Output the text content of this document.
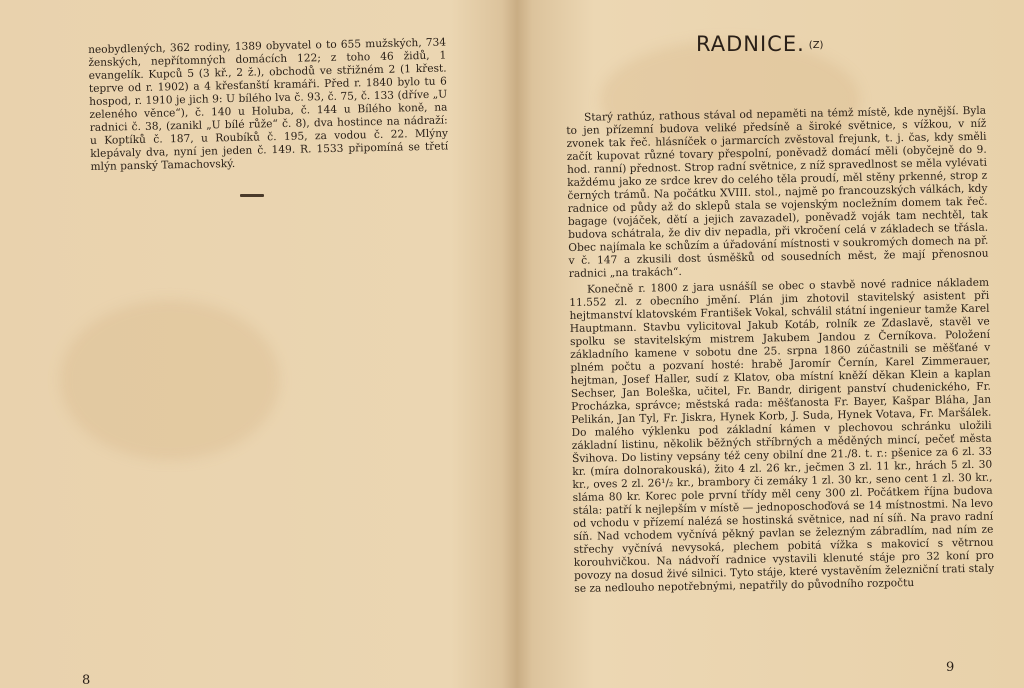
neobydlených, 362 rodiny, 1389 obyvatel o to 655 mužských, 734 ženských, nepřítomných domácích 122; z toho 46 židů, 1 evangelík. Kupců 5 (3 kř., 2 ž.), obchodů ve střižném 2 (1 křest. teprve od r. 1902) a 4 křesťanští kramáři. Před r. 1840 bylo tu 6 hospod, r. 1910 je jich 9: U bílého lva č. 93, č. 75, č. 133 (dříve „U zeleného věnce“), č. 140 u Holuba, č. 144 u Bílého koně, na radnici č. 38, (zanikl „U bílé růže“ č. 8), dva hostince na nádraží: u Koptíků č. 187, u Roubíků č. 195, za vodou č. 22. Mlýny klepávaly dva, nyní jen jeden č. 149. R. 1533 připomíná se třetí mlýn panský Tamachovský.

8
RADNICE. (Z)

Starý rathúz, rathous stával od nepaměti na témž místě, kde nynější. Byla to jen přízemní budova veliké předsíně a široké světnice, s vížkou, v níž zvonek tak řeč. hlásníček o jarmarcích zvěstoval frejunk, t. j. čas, kdy směli začít kupovat různé tovary přespolní, poněvadž domácí měli (obyčejně do 9. hod. ranní) přednost. Strop radní světnice, z níž spravedlnost se měla vylévati každému jako ze srdce krev do celého těla proudí, měl stěny prkenné, strop z černých trámů. Na počátku XVIII. stol., najmě po francouzských válkách, kdy radnice od půdy až do sklepů stala se vojenským nocležním domem tak řeč. bagage (vojáček, dětí a jejich zavazadel), poněvadž voják tam nechtěl, tak budova schátrala, že div div nepadla, při vkročení celá v základech se třásla. Obec najímala ke schůzím a úřadování místnosti v soukromých domech na př. v č. 147 a zkusili dost úsměšků od sousedních měst, že mají přenosnou radnici „na trakách“.

Konečně r. 1800 z jara usnášíl se obec o stavbě nové radnice nákladem 11.552 zl. z obecního jmění. Plán jim zhotovil stavitelský asistent při hejtmanství klatovském František Vokal, schválil státní ingenieur tamže Karel Hauptmann. Stavbu vylicitoval Jakub Kotáb, rolník ze Zdaslavě, stavěl ve spolku se stavitelským mistrem Jakubem Jandou z Černíkova. Položení základního kamene v sobotu dne 25. srpna 1860 zúčastnili se měšťané v plném počtu a pozvaní hosté: hrabě Jaromír Černín, Karel Zimmerauer, hejtman, Josef Haller, sudí z Klatov, oba místní kněží děkan Klein a kaplan Sechser, Jan Boleška, učitel, Fr. Bandr, dirigent panství chudenického, Fr. Procházka, správce; městská rada: měšťanosta Fr. Bayer, Kašpar Bláha, Jan Pelikán, Jan Tyl, Fr. Jiskra, Hynek Korb, J. Suda, Hynek Votava, Fr. Maršálek. Do malého výklenku pod základní kámen v plechovou schránku uložili základní listinu, několik běžných stříbrných a měděných mincí, pečeť města Švihova. Do listiny vepsány též ceny obilní dne 21./8. t. r.: pšenice za 6 zl. 33 kr. (míra dolnorakouská), žito 4 zl. 26 kr., ječmen 3 zl. 11 kr., hrách 5 zl. 30 kr., oves 2 zl. 26¹/₂ kr., brambory či zemáky 1 zl. 30 kr., seno cent 1 zl. 30 kr., sláma 80 kr. Korec pole první třídy měl ceny 300 zl. Počátkem října budova stála: patří k nejlepším v místě — jednoposchoďová se 14 místnostmi. Na levo od vchodu v přízemí nalézá se hostinská světnice, nad ní síň. Na pravo radní síň. Nad vchodem vyčnívá pěkný pavlan se železným zábradlím, nad ním ze střechy vyčnívá nevysoká, plechem pobitá vížka s makovicí s větrnou korouhvičkou. Na nádvoří radnice vystavili klenuté stáje pro 32 koní pro povozy na dosud živé silnici. Tyto stáje, které vystavěním železniční trati staly se za nedlouho nepotřebnými, nepatřily do původního rozpočtu

9
